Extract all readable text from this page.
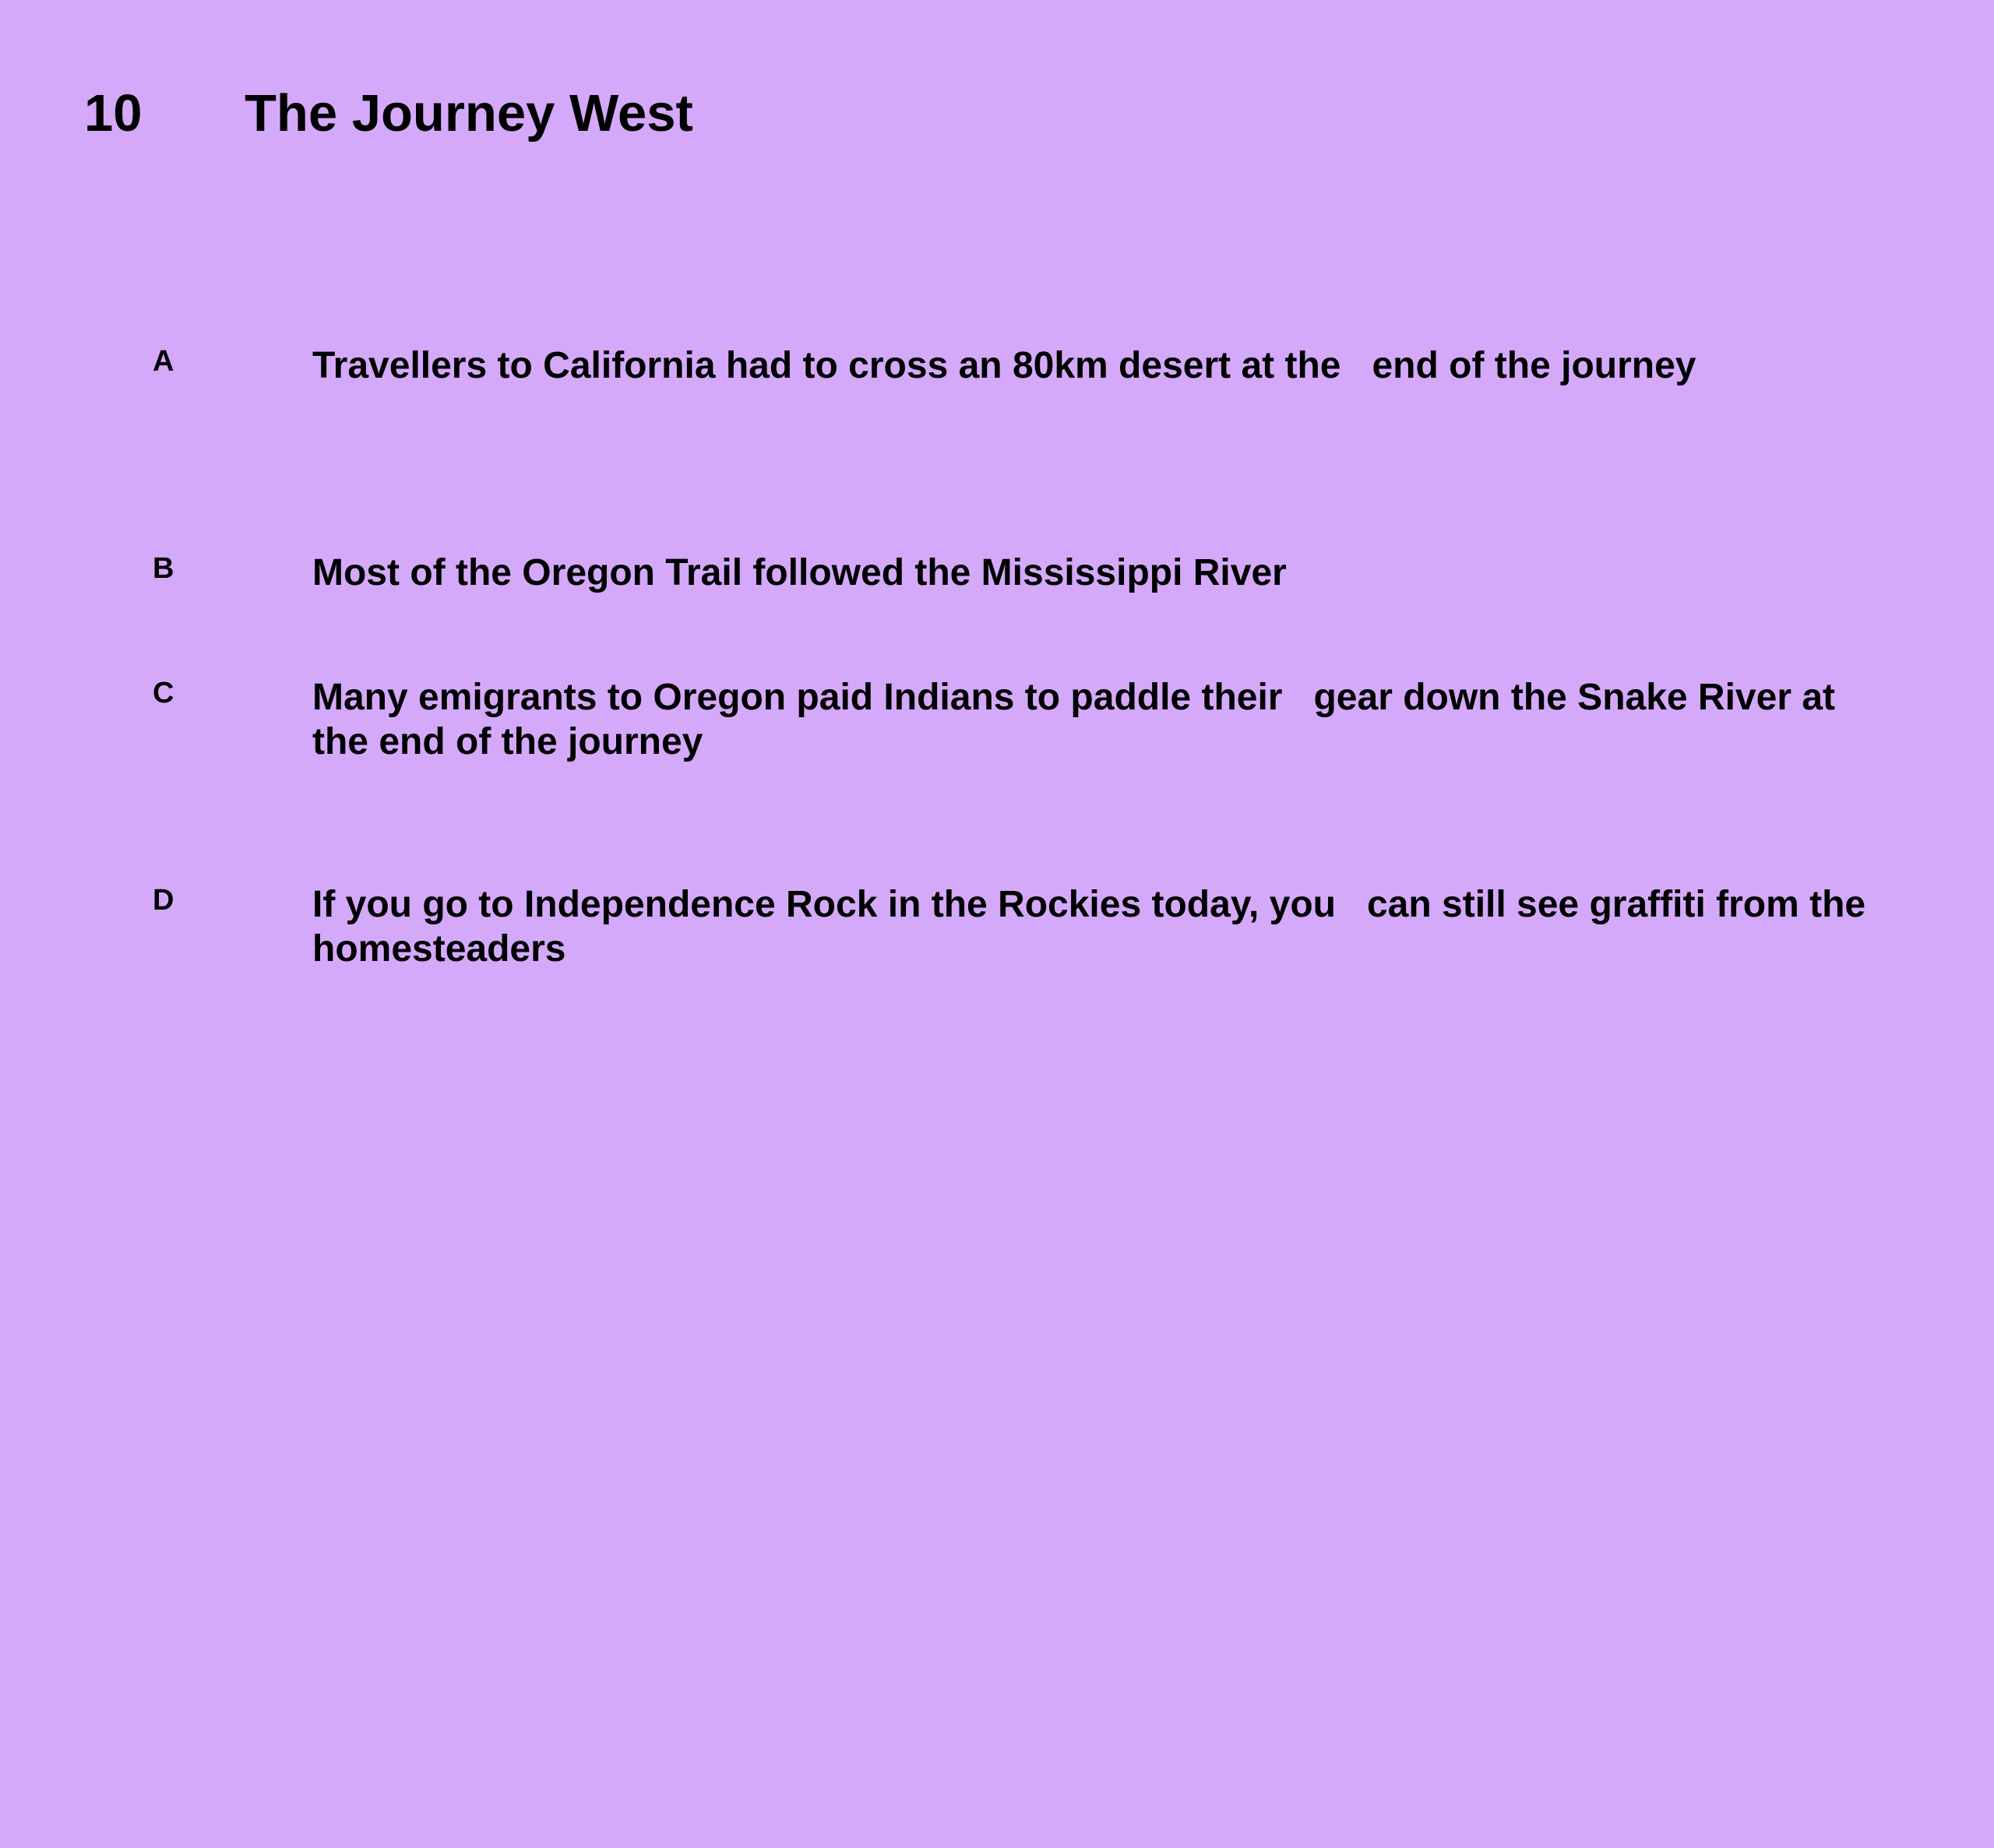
10 The Journey West
A	Travellers to California had to cross an 80km desert at the   end of the journey
B	Most of the Oregon Trail followed the Mississippi River
C	Many emigrants to Oregon paid Indians to paddle their   gear down the Snake River at the end of the journey
D	If you go to Independence Rock in the Rockies today, you   can still see graffiti from the homesteaders
